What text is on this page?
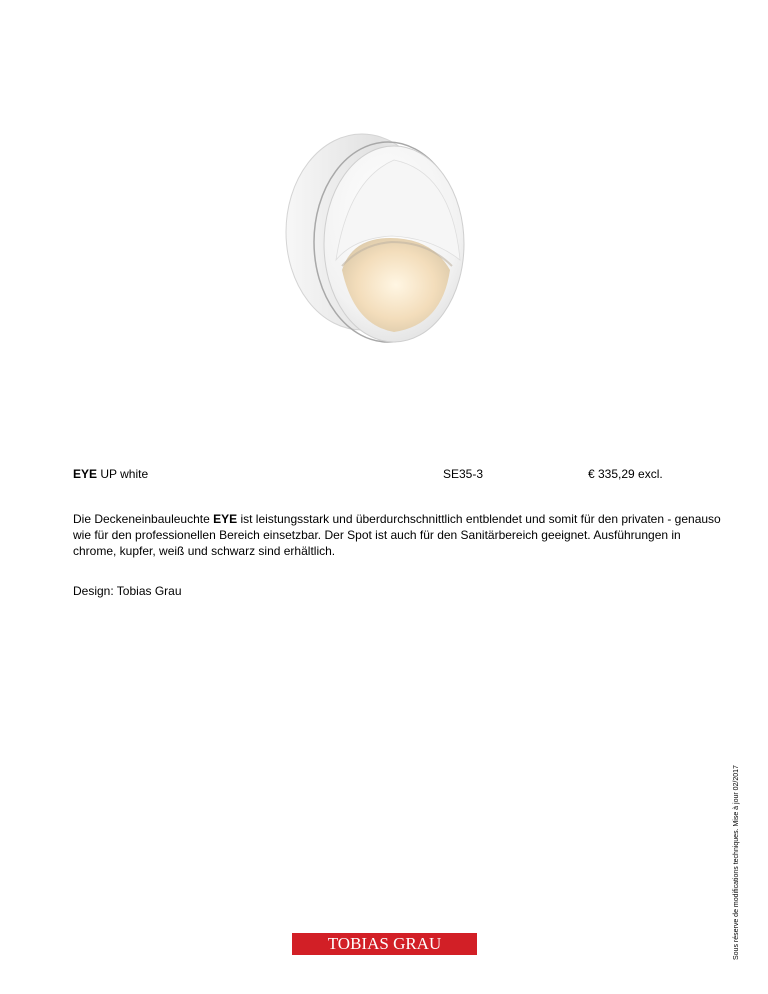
EYE UP white	SE35-3	€ 335,29 excl.

Die Deckeneinbauleuchte EYE ist leistungsstark und überdurchschnittlich entblendet und somit für den privaten - genauso wie für den professionellen Bereich einsetzbar. Der Spot ist auch für den Sanitärbereich geeignet. Ausführungen in chrome, kupfer, weiß und schwarz sind erhältlich.

Design: Tobias Grau

Sous réserve de modifications techniques. Mise à jour 02/2017
TOBIAS GRAU
